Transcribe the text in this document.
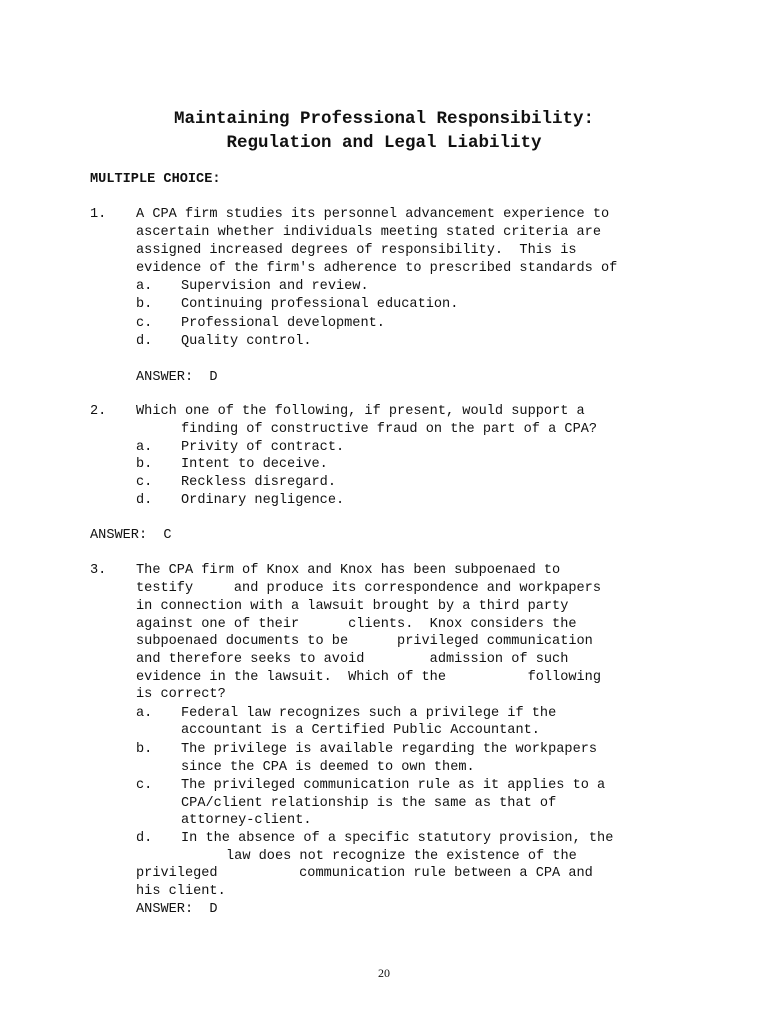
Maintaining Professional Responsibility:
Regulation and Legal Liability
MULTIPLE CHOICE:
1. A CPA firm studies its personnel advancement experience to
ascertain whether individuals meeting stated criteria are
assigned increased degrees of responsibility.  This is
evidence of the firm's adherence to prescribed standards of
a. Supervision and review.
b. Continuing professional education.
c. Professional development.
d. Quality control.
ANSWER:  D
2. Which one of the following, if present, would support a
finding of constructive fraud on the part of a CPA?
a. Privity of contract.
b. Intent to deceive.
c. Reckless disregard.
d. Ordinary negligence.
ANSWER:  C
3. The CPA firm of Knox and Knox has been subpoenaed to
testify     and produce its correspondence and workpapers
in connection with a lawsuit brought by a third party
against one of their      clients.  Knox considers the
subpoenaed documents to be      privileged communication
and therefore seeks to avoid        admission of such
evidence in the lawsuit.  Which of the          following
is correct?
a. Federal law recognizes such a privilege if the
accountant is a Certified Public Accountant.
b. The privilege is available regarding the workpapers
since the CPA is deemed to own them.
c. The privileged communication rule as it applies to a
CPA/client relationship is the same as that of
attorney-client.
d. In the absence of a specific statutory provision, the
law does not recognize the existence of the
privileged          communication rule between a CPA and
his client.
ANSWER:  D
20
